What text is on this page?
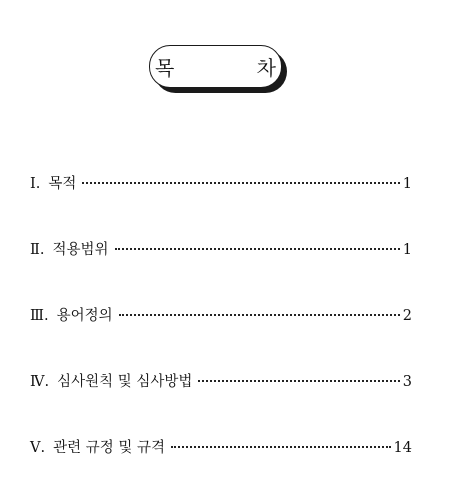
목 차
Ⅰ. 목적	1
Ⅱ. 적용범위	1
Ⅲ. 용어정의	2
Ⅳ. 심사원칙 및 심사방법	3
Ⅴ. 관련 규정 및 규격	14
